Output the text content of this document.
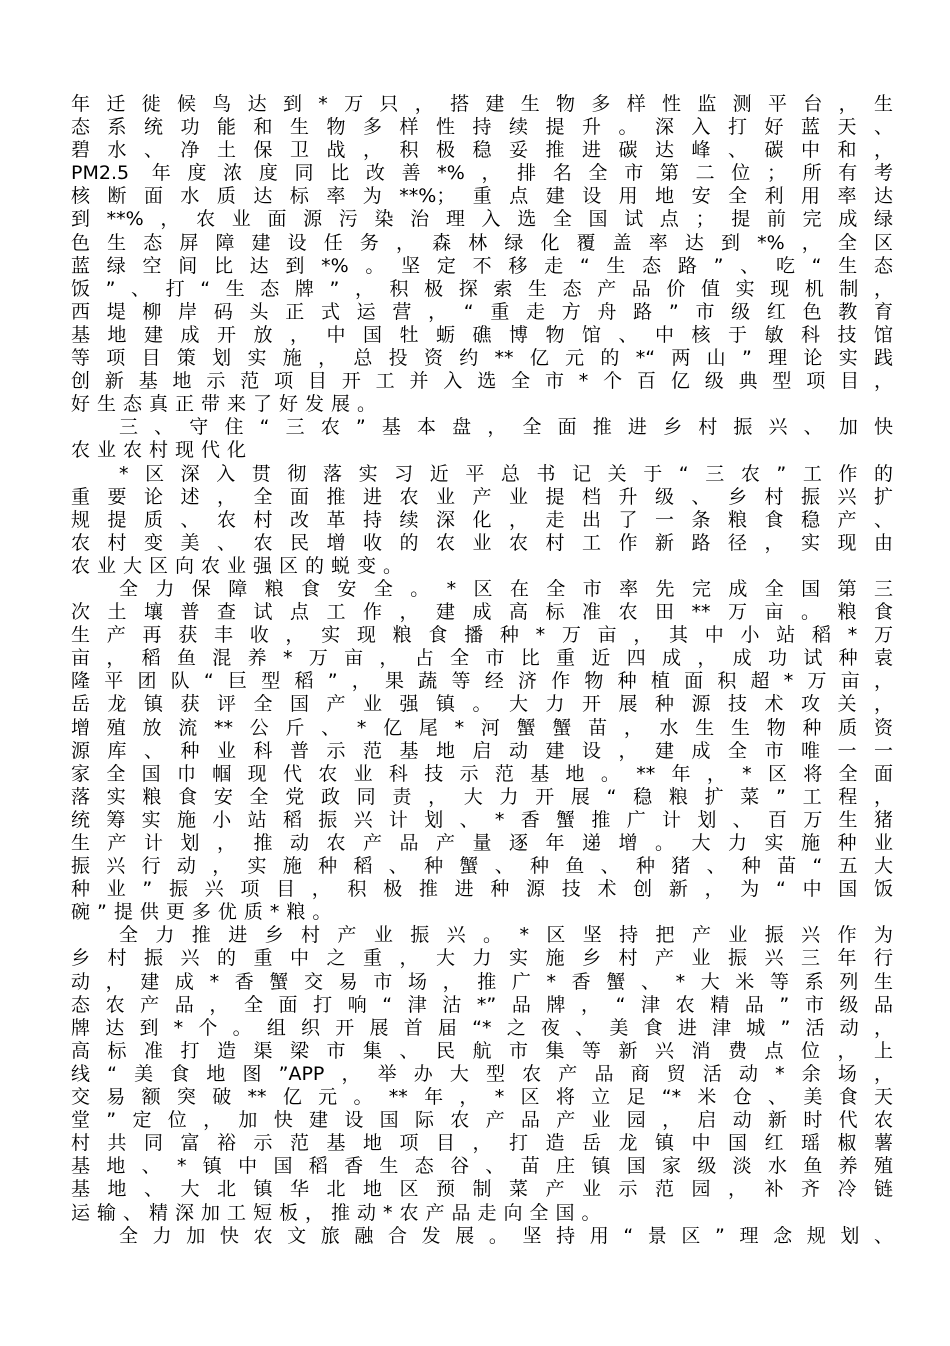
年迁徙候鸟达到*万只，搭建生物多样性监测平台，生
态系统功能和生物多样性持续提升。深入打好蓝天、
碧水、净土保卫战，积极稳妥推进碳达峰、碳中和，
PM2.5 年度浓度同比改善*%，排名全市第二位；所有考
核断面水质达标率为**%；重点建设用地安全利用率达
到**%，农业面源污染治理入选全国试点；提前完成绿
色生态屏障建设任务，森林绿化覆盖率达到*%，全区
蓝绿空间比达到*%。坚定不移走“生态路”、吃“生态
饭”、打“生态牌”，积极探索生态产品价值实现机制，
西堤柳岸码头正式运营，“重走方舟路”市级红色教育
基地建成开放，中国牡蛎礁博物馆、中核于敏科技馆
等项目策划实施，总投资约**亿元的*“两山”理论实践
创新基地示范项目开工并入选全市*个百亿级典型项目，
好生态真正带来了好发展。
三、守住“三农”基本盘，全面推进乡村振兴、加快
农业农村现代化
*区深入贯彻落实习近平总书记关于“三农”工作的
重要论述，全面推进农业产业提档升级、乡村振兴扩
规提质、农村改革持续深化，走出了一条粮食稳产、
农村变美、农民增收的农业农村工作新路径，实现由
农业大区向农业强区的蜕变。
全力保障粮食安全。*区在全市率先完成全国第三
次土壤普查试点工作，建成高标准农田**万亩。粮食
生产再获丰收，实现粮食播种*万亩，其中小站稻*万
亩，稻鱼混养*万亩，占全市比重近四成，成功试种袁
隆平团队“巨型稻”，果蔬等经济作物种植面积超*万亩，
岳龙镇获评全国产业强镇。大力开展种源技术攻关，
增殖放流**公斤、*亿尾*河蟹蟹苗，水生生物种质资
源库、种业科普示范基地启动建设，建成全市唯一一
家全国巾帼现代农业科技示范基地。**年，*区将全面
落实粮食安全党政同责，大力开展“稳粮扩菜”工程，
统筹实施小站稻振兴计划、*香蟹推广计划、百万生猪
生产计划，推动农产品产量逐年递增。大力实施种业
振兴行动，实施种稻、种蟹、种鱼、种猪、种苗“五大
种业”振兴项目，积极推进种源技术创新，为“中国饭
碗”提供更多优质*粮。
全力推进乡村产业振兴。*区坚持把产业振兴作为
乡村振兴的重中之重，大力实施乡村产业振兴三年行
动，建成*香蟹交易市场，推广*香蟹、*大米等系列生
态农产品，全面打响“津沽*”品牌，“津农精品”市级品
牌达到*个。组织开展首届“*之夜、美食进津城”活动，
高标准打造渠梁市集、民航市集等新兴消费点位，上
线“美食地图”APP，举办大型农产品商贸活动*余场，
交易额突破**亿元。**年，*区将立足“*米仓、美食天
堂”定位，加快建设国际农产品产业园，启动新时代农
村共同富裕示范基地项目，打造岳龙镇中国红瑶椒薯
基地、*镇中国稻香生态谷、苗庄镇国家级淡水鱼养殖
基地、大北镇华北地区预制菜产业示范园，补齐冷链
运输、精深加工短板，推动*农产品走向全国。
全力加快农文旅融合发展。坚持用“景区”理念规划、
